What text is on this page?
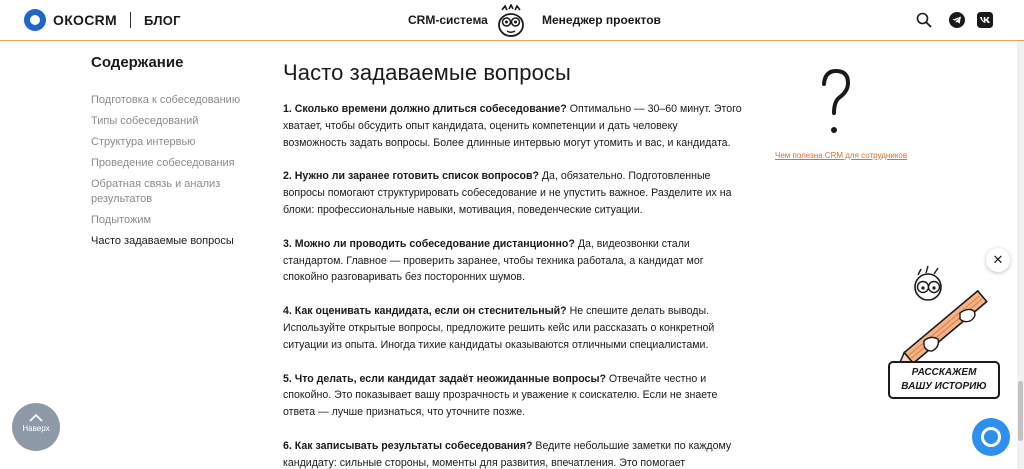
ОКОCRM БЛОГ	CRM-система	Менеджер проектов
Содержание
Подготовка к собеседованию
Типы собеседований
Структура интервью
Проведение собеседования
Обратная связь и анализ результатов
Подытожим
Часто задаваемые вопросы
Часто задаваемые вопросы

1. Сколько времени должно длиться собеседование? Оптимально — 30–60 минут. Этого хватает, чтобы обсудить опыт кандидата, оценить компетенции и дать человеку возможность задать вопросы. Более длинные интервью могут утомить и вас, и кандидата.

2. Нужно ли заранее готовить список вопросов? Да, обязательно. Подготовленные вопросы помогают структурировать собеседование и не упустить важное. Разделите их на блоки: профессиональные навыки, мотивация, поведенческие ситуации.

3. Можно ли проводить собеседование дистанционно? Да, видеозвонки стали стандартом. Главное — проверить заранее, чтобы техника работала, а кандидат мог спокойно разговаривать без посторонних шумов.

4. Как оценивать кандидата, если он стеснительный? Не спешите делать выводы. Используйте открытые вопросы, предложите решить кейс или рассказать о конкретной ситуации из опыта. Иногда тихие кандидаты оказываются отличными специалистами.

5. Что делать, если кандидат задаёт неожиданные вопросы? Отвечайте честно и спокойно. Это показывает вашу прозрачность и уважение к соискателю. Если не знаете ответа — лучше признаться, что уточните позже.

6. Как записывать результаты собеседования? Ведите небольшие заметки по каждому кандидату: сильные стороны, моменты для развития, впечатления. Это помогает

Чем полезна CRM для сотрудников
РАССКАЖЕМ
ВАШУ ИСТОРИЮ
✕
Наверх
